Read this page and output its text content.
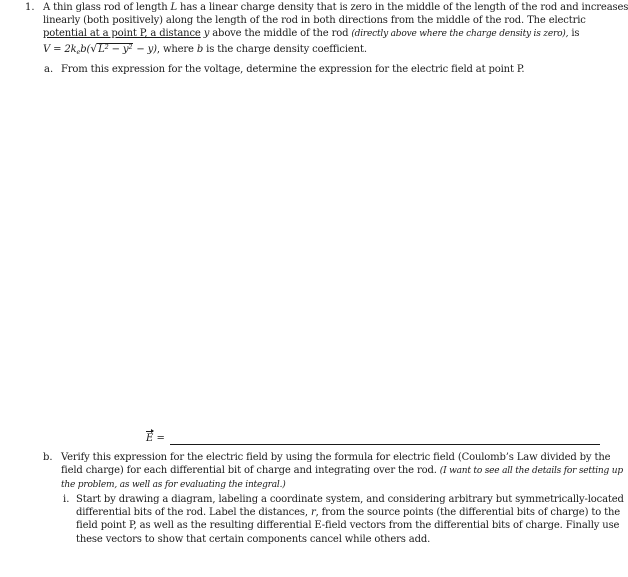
1. A thin glass rod of length L has a linear charge density that is zero in the middle of the length of the rod and increases
linearly (both positively) along the length of the rod in both directions from the middle of the rod. The electric
potential at a point P, a distance y above the middle of the rod (directly above where the charge density is zero), is
$V = 2k_eb(√L^2 - y^2 - y)$, where b is the charge density coefficient.
a. From this expression for the voltage, determine the expression for the electric field at point P.
E =
b. Verify this expression for the electric field by using the formula for electric field (Coulomb’s Law divided by the
field charge) for each differential bit of charge and integrating over the rod. (I want to see all the details for setting up
the problem, as well as for evaluating the integral.)
i. Start by drawing a diagram, labeling a coordinate system, and considering arbitrary but symmetrically-located
differential bits of the rod. Label the distances, r, from the source points (the differential bits of charge) to the
field point P, as well as the resulting differential E-field vectors from the differential bits of charge. Finally use
these vectors to show that certain components cancel while others add.
